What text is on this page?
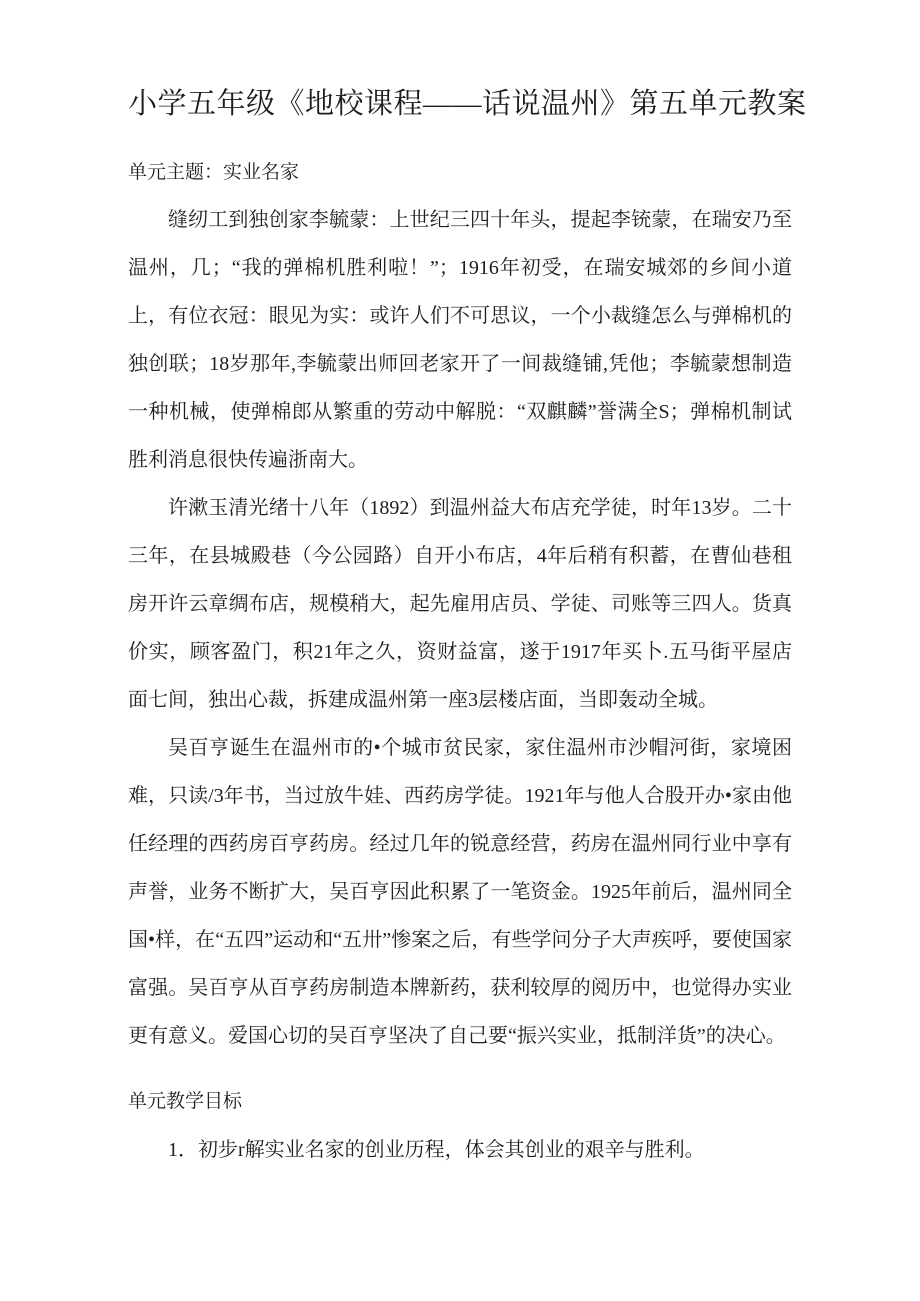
小学五年级《地校课程——话说温州》第五单元教案
单元主题：实业名家

缝纫工到独创家李毓蒙：上世纪三四十年头，提起李铳蒙，在瑞安乃至温州，几；“我的弹棉机胜利啦！”；1916年初受，在瑞安城郊的乡间小道上，有位衣冠：眼见为实：或许人们不可思议，一个小裁缝怎么与弹棉机的独创联；18岁那年,李毓蒙出师回老家开了一间裁缝铺,凭他；李毓蒙想制造一种机械，使弹棉郎从繁重的劳动中解脱：“双麒麟”誉满全S；弹棉机制试胜利消息很快传遍浙南大。

许漱玉清光绪十八年（1892）到温州益大布店充学徒，时年13岁。二十三年，在县城殿巷（今公园路）自开小布店，4年后稍有积蓄，在曹仙巷租房开许云章绸布店，规模稍大，起先雇用店员、学徒、司账等三四人。货真价实，顾客盈门，积21年之久，资财益富，遂于1917年买卜.五马街平屋店面七间，独出心裁，拆建成温州第一座3层楼店面，当即轰动全城。

吴百亨诞生在温州市的•个城市贫民家，家住温州市沙帽河街，家境困难，只读/3年书，当过放牛娃、西药房学徒。1921年与他人合股开办•家由他任经理的西药房百亨药房。经过几年的锐意经营，药房在温州同行业中享有声誉，业务不断扩大，吴百亨因此积累了一笔资金。1925年前后，温州同全国•样，在“五四”运动和“五卅”惨案之后，有些学问分子大声疾呼，要使国家富强。吴百亨从百亨药房制造本牌新药，获利较厚的阅历中，也觉得办实业更有意义。爱国心切的吴百亨坚决了自己要“振兴实业，抵制洋货”的决心。

单元教学目标

1．初步r解实业名家的创业历程，体会其创业的艰辛与胜利。
